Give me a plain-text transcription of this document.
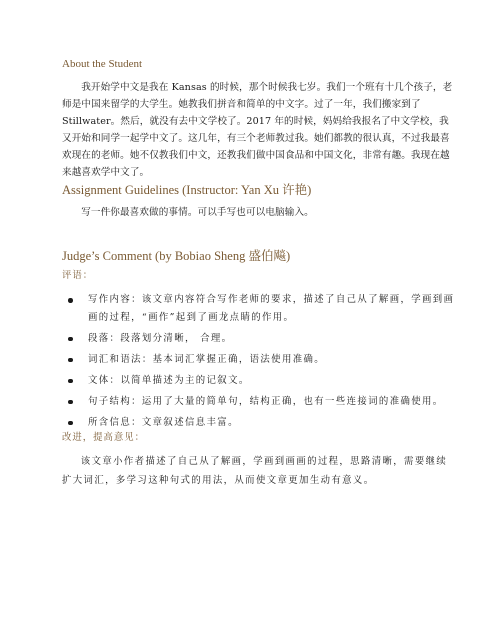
About the Student

我开始学中文是我在 Kansas 的时候，那个时候我七岁。我们一个班有十几个孩子，老师是中国来留学的大学生。她教我们拼音和简单的中文字。过了一年，我们搬家到了Stillwater。然后，就没有去中文学校了。2017 年的时候，妈妈给我报名了中文学校，我又开始和同学一起学中文了。这几年，有三个老师教过我。她们都教的很认真，不过我最喜欢现在的老师。她不仅教我们中文，还教我们做中国食品和中国文化，非常有趣。我现在越来越喜欢学中文了。

Assignment Guidelines (Instructor: Yan Xu 许艳)

写一件你最喜欢做的事情。可以手写也可以电脑输入。

Judge’s Comment (by Bobiao Sheng 盛伯飚)
评语：
写作内容：该文章内容符合写作老师的要求，描述了自己从了解画，学画到画画的过程，“画作”起到了画龙点睛的作用。
段落：段落划分清晰， 合理。
词汇和语法：基本词汇掌握正确，语法使用准确。
文体：以简单描述为主的记叙文。
句子结构：运用了大量的简单句，结构正确，也有一些连接词的准确使用。
所含信息：文章叙述信息丰富。
改进，提高意见：

该文章小作者描述了自己从了解画，学画到画画的过程，思路清晰，需要继续扩大词汇，多学习这种句式的用法，从而使文章更加生动有意义。
